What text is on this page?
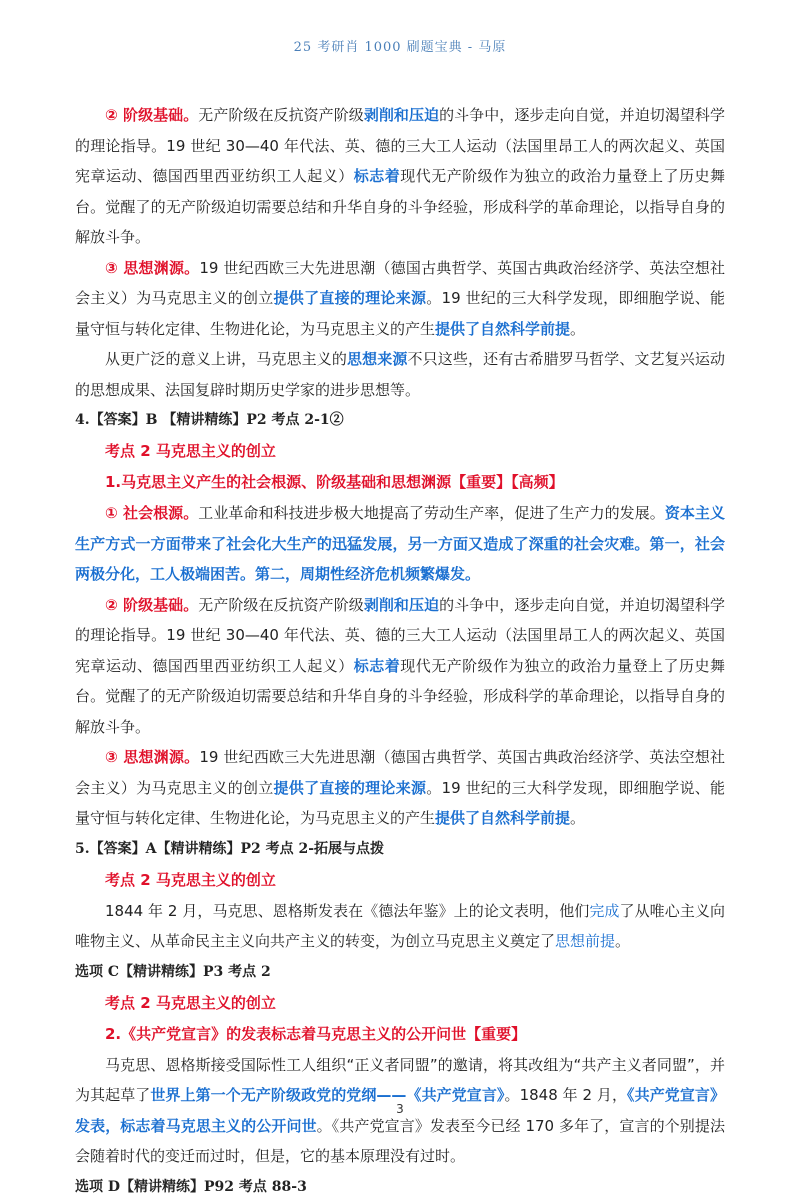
25 考研肖 1000 刷题宝典 - 马原

② 阶级基础。无产阶级在反抗资产阶级剥削和压迫的斗争中，逐步走向自觉，并迫切渴望科学的理论指导。19 世纪 30—40 年代法、英、德的三大工人运动（法国里昂工人的两次起义、英国宪章运动、德国西里西亚纺织工人起义）标志着现代无产阶级作为独立的政治力量登上了历史舞台。觉醒了的无产阶级迫切需要总结和升华自身的斗争经验，形成科学的革命理论，以指导自身的解放斗争。

③ 思想渊源。19 世纪西欧三大先进思潮（德国古典哲学、英国古典政治经济学、英法空想社会主义）为马克思主义的创立提供了直接的理论来源。19 世纪的三大科学发现，即细胞学说、能量守恒与转化定律、生物进化论，为马克思主义的产生提供了自然科学前提。

从更广泛的意义上讲，马克思主义的思想来源不只这些，还有古希腊罗马哲学、文艺复兴运动的思想成果、法国复辟时期历史学家的进步思想等。

4.【答案】B 【精讲精练】P2 考点 2-1②

考点 2 马克思主义的创立

1.马克思主义产生的社会根源、阶级基础和思想渊源【重要】【高频】

① 社会根源。工业革命和科技进步极大地提高了劳动生产率，促进了生产力的发展。资本主义生产方式一方面带来了社会化大生产的迅猛发展，另一方面又造成了深重的社会灾难。第一，社会两极分化，工人极端困苦。第二，周期性经济危机频繁爆发。

② 阶级基础。无产阶级在反抗资产阶级剥削和压迫的斗争中，逐步走向自觉，并迫切渴望科学的理论指导。19 世纪 30—40 年代法、英、德的三大工人运动（法国里昂工人的两次起义、英国宪章运动、德国西里西亚纺织工人起义）标志着现代无产阶级作为独立的政治力量登上了历史舞台。觉醒了的无产阶级迫切需要总结和升华自身的斗争经验，形成科学的革命理论，以指导自身的解放斗争。

③ 思想渊源。19 世纪西欧三大先进思潮（德国古典哲学、英国古典政治经济学、英法空想社会主义）为马克思主义的创立提供了直接的理论来源。19 世纪的三大科学发现，即细胞学说、能量守恒与转化定律、生物进化论，为马克思主义的产生提供了自然科学前提。

5.【答案】A【精讲精练】P2 考点 2-拓展与点拨

考点 2 马克思主义的创立

1844 年 2 月，马克思、恩格斯发表在《德法年鉴》上的论文表明，他们完成了从唯心主义向唯物主义、从革命民主主义向共产主义的转变，为创立马克思主义奠定了思想前提。

选项 C【精讲精练】P3 考点 2

考点 2 马克思主义的创立

2.《共产党宣言》的发表标志着马克思主义的公开问世【重要】

马克思、恩格斯接受国际性工人组织“正义者同盟”的邀请，将其改组为“共产主义者同盟”，并为其起草了世界上第一个无产阶级政党的党纲——《共产党宣言》。1848 年 2 月，《共产党宣言》发表，标志着马克思主义的公开问世。《共产党宣言》发表至今已经 170 多年了，宣言的个别提法会随着时代的变迁而过时，但是，它的基本原理没有过时。

选项 D【精讲精练】P92 考点 88-3

3
